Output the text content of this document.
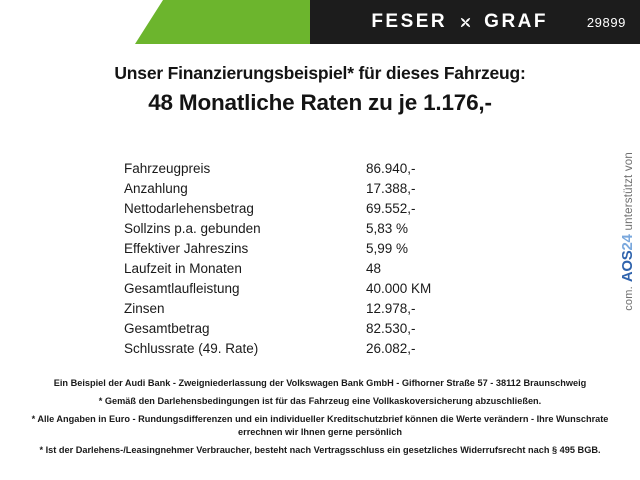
FESER GRAF	29899
Unser Finanzierungsbeispiel* für dieses Fahrzeug:
48 Monatliche Raten zu je 1.176,-
Fahrzeugpreis	86.940,-
Anzahlung	17.388,-
Nettodarlehensbetrag	69.552,-
Sollzins p.a. gebunden	5,83 %
Effektiver Jahreszins	5,99 %
Laufzeit in Monaten	48
Gesamtlaufleistung	40.000 KM
Zinsen	12.978,-
Gesamtbetrag	82.530,-
Schlussrate (49. Rate)	26.082,-
unterstützt von
AOS24
.com

Ein Beispiel der Audi Bank - Zweigniederlassung der Volkswagen Bank GmbH - Gifhorner Straße 57 - 38112 Braunschweig

* Gemäß den Darlehensbedingungen ist für das Fahrzeug eine Vollkaskoversicherung abzuschließen.

* Alle Angaben in Euro - Rundungsdifferenzen und ein individueller Kreditschutzbrief können die Werte verändern - Ihre Wunschrate errechnen wir Ihnen gerne persönlich

* Ist der Darlehens-/Leasingnehmer Verbraucher, besteht nach Vertragsschluss ein gesetzliches Widerrufsrecht nach § 495 BGB.
